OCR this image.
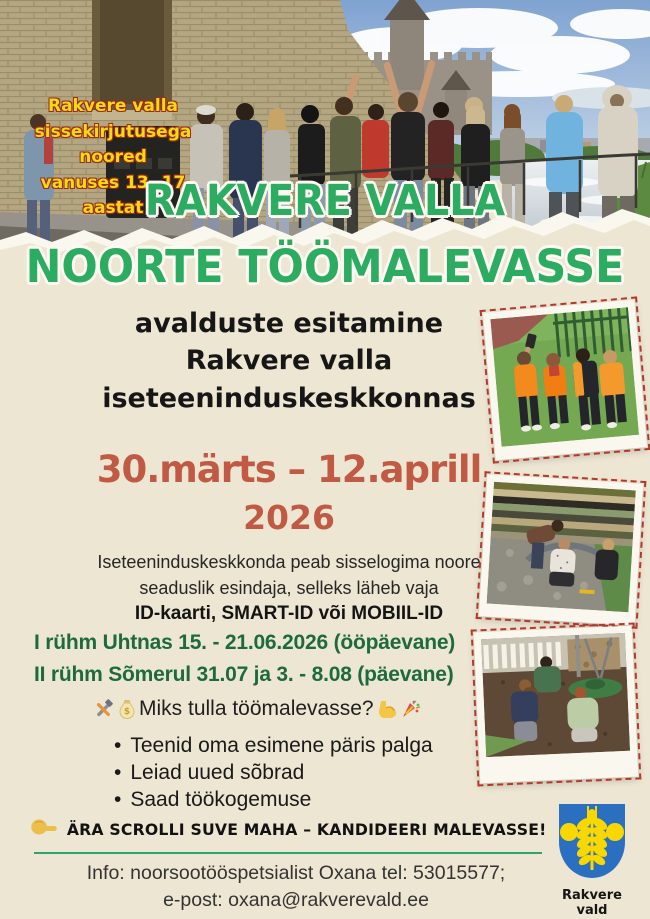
Rakvere valla
sissekirjutusega noored
vanuses 13 -17 aastat RAKVERE VALLA
NOORTE TÖÖMALEVASSE
avalduste esitamine
Rakvere valla
iseteeninduskeskkonnas
30.märts – 12.aprill
2026
Iseteeninduskeskkonda peab sisselogima noore
seaduslik esindaja, selleks läheb vaja
ID-kaarti, SMART-ID või MOBIIL-ID
I rühm Uhtnas 15. - 21.06.2026 (ööpäevane)
II rühm Sõmerul 31.07 ja 3. - 8.08 (päevane)
$ Miks tulla töömalevasse?
• Teenid oma esimene päris palga
• Leiad uued sõbrad
• Saad töökogemuse
ÄRA SCROLLI SUVE MAHA – KANDIDEERI MALEVASSE!
Info: noorsootööspetsialist Oxana tel: 53015577;
e-post: oxana@rakverevald.ee	Rakvere vald
